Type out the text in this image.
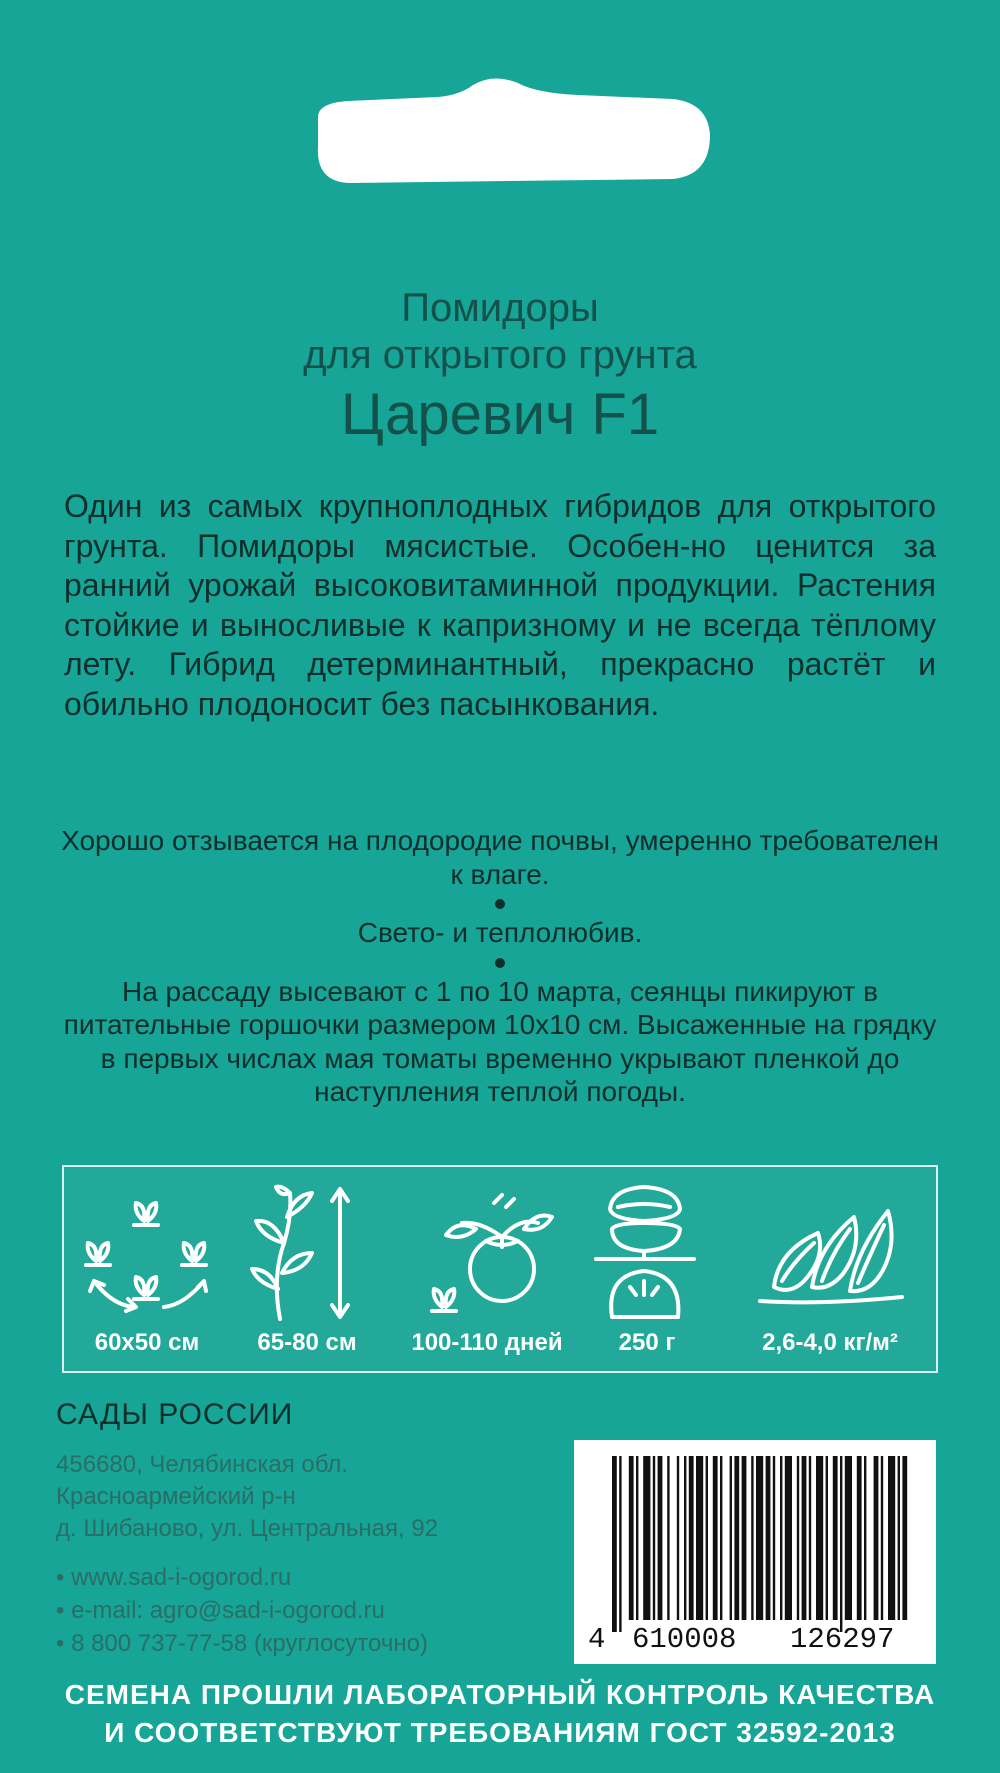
Помидоры
для открытого грунта
Царевич F1

Один из самых крупноплодных гибридов для открытого грунта. Помидоры мясистые. Особен-но ценится за ранний урожай высоковитаминной продукции. Растения стойкие и выносливые к капризному и не всегда тёплому лету. Гибрид детерминантный, прекрасно растёт и обильно плодоносит без пасынкования.

Хорошо отзывается на плодородие почвы, умеренно требователен к влаге.

Свето- и теплолюбив.

На рассаду высевают с 1 по 10 марта, сеянцы пикируют в питательные горшочки размером 10х10 см. Высаженные на грядку в первых числах мая томаты временно укрывают пленкой до наступления теплой погоды.

60х50 см	65-80 см	100-110 дней	250 г	2,6-4,0 кг/м²
САДЫ РОССИИ

456680, Челябинская обл.

Красноармейский р-н

д. Шибаново, ул. Центральная, 92

• www.sad-i-ogorod.ru

• e-mail: agro@sad-i-ogorod.ru

• 8 800 737-77-58 (круглосуточно)	4 610008 126297

СЕМЕНА ПРОШЛИ ЛАБОРАТОРНЫЙ КОНТРОЛЬ КАЧЕСТВА

И СООТВЕТСТВУЮТ ТРЕБОВАНИЯМ ГОСТ 32592-2013
